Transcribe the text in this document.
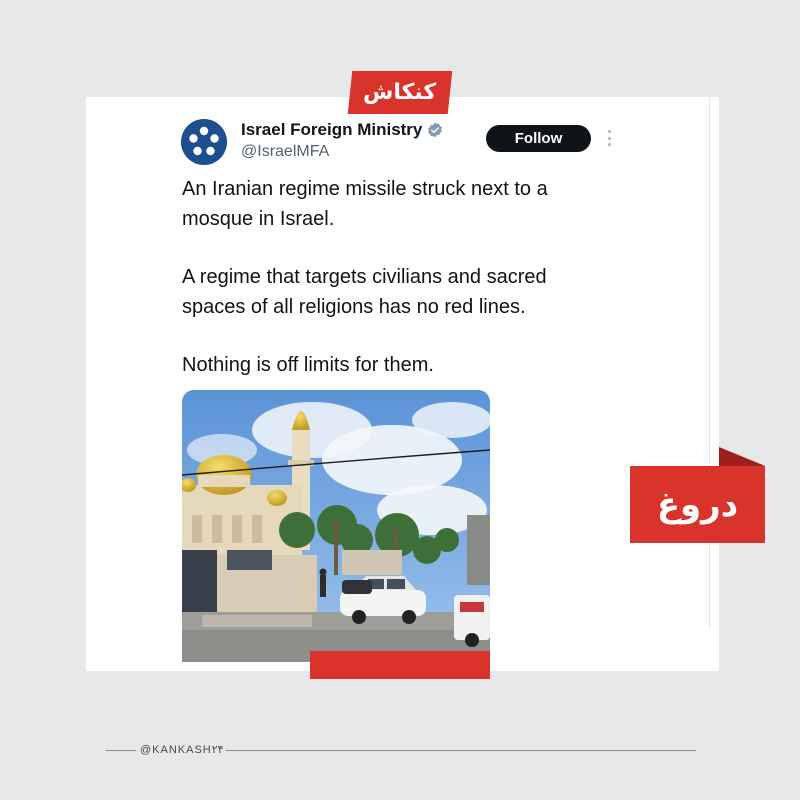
کنکاش
Israel Foreign Ministry
@IsraelMFA
Follow

An Iranian regime missile struck next to a mosque in Israel.

A regime that targets civilians and sacred spaces of all religions has no red lines.

Nothing is off limits for them.

دروغ
@KANKASH۲۴
